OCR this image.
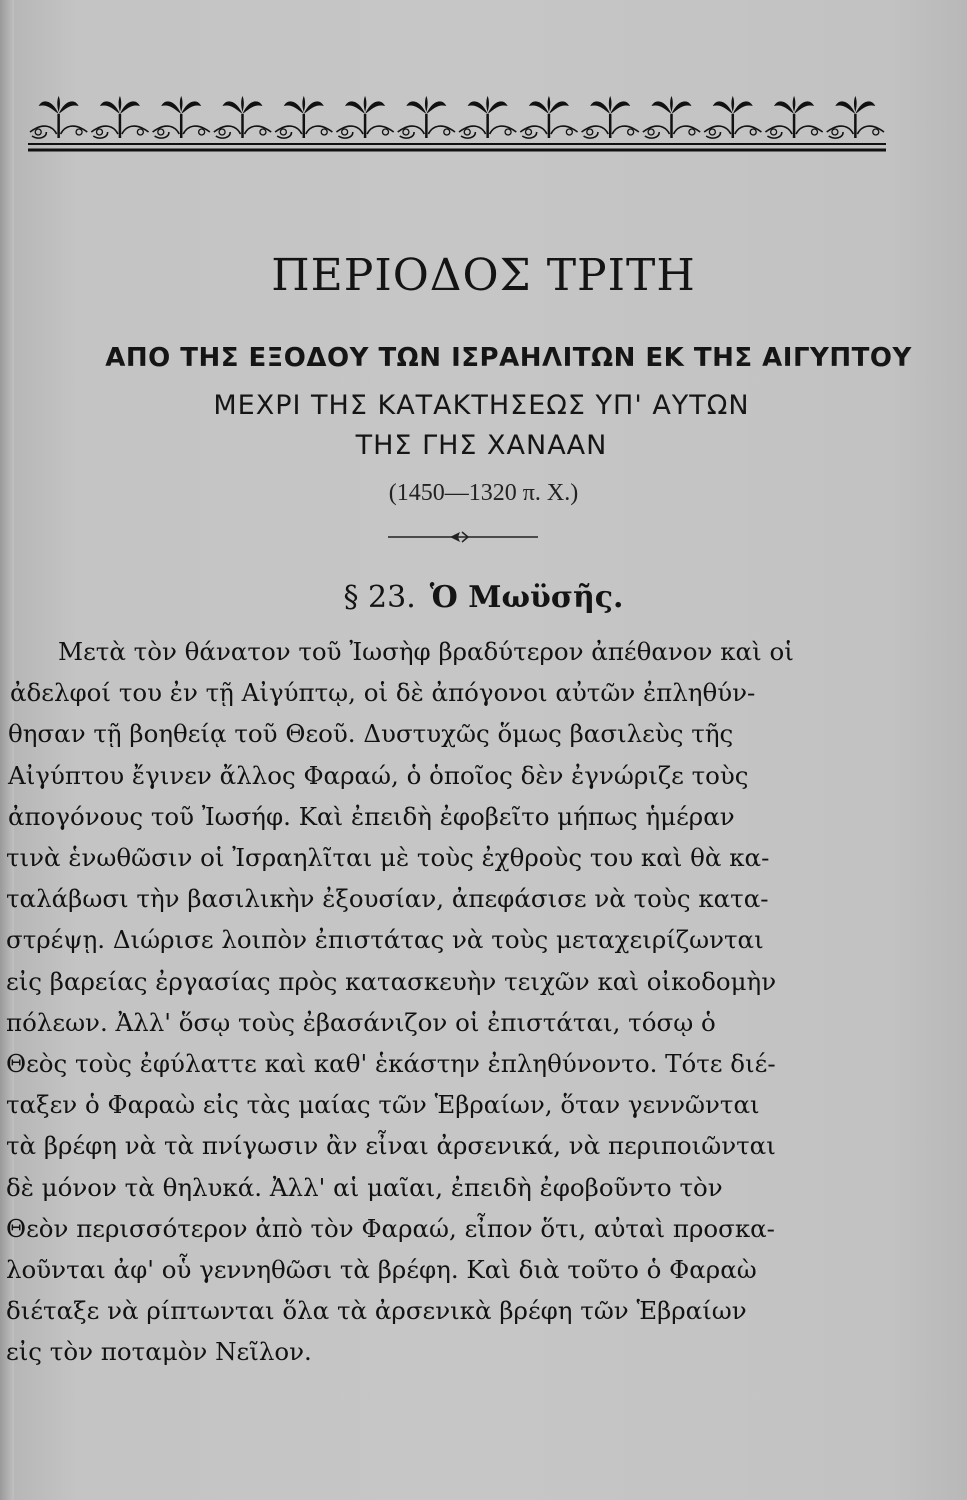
ΠΕΡΙΟΔΟΣ ΤΡΙΤΗ
ΑΠΟ ΤΗΣ ΕΞΟΔΟΥ ΤΩΝ ΙΣΡΑΗΛΙΤΩΝ ΕΚ ΤΗΣ ΑΙΓΥΠΤΟΥ
ΜΕΧΡΙ ΤΗΣ ΚΑΤΑΚΤΗΣΕΩΣ ΥΠ' ΑΥΤΩΝ
ΤΗΣ ΓΗΣ ΧΑΝΑΑΝ
(1450—1320 π. Χ.)
§ 23. Ὁ Μωϋσῆς.
Μετὰ τὸν θάνατον τοῦ Ἰωσὴφ βραδύτερον ἀπέθανον καὶ οἱ
ἀδελφοί του ἐν τῇ Αἰγύπτῳ, οἱ δὲ ἀπόγονοι αὐτῶν ἐπληθύν-
θησαν τῇ βοηθείᾳ τοῦ Θεοῦ. Δυστυχῶς ὅμως βασιλεὺς τῆς
Αἰγύπτου ἔγινεν ἄλλος Φαραώ, ὁ ὁποῖος δὲν ἐγνώριζε τοὺς
ἀπογόνους τοῦ Ἰωσήφ. Καὶ ἐπειδὴ ἐφοβεῖτο μήπως ἡμέραν
τινὰ ἑνωθῶσιν οἱ Ἰσραηλῖται μὲ τοὺς ἐχθροὺς του καὶ θὰ κα-
ταλάβωσι τὴν βασιλικὴν ἐξουσίαν, ἀπεφάσισε νὰ τοὺς κατα-
στρέψῃ. Διώρισε λοιπὸν ἐπιστάτας νὰ τοὺς μεταχειρίζωνται
εἰς βαρείας ἐργασίας πρὸς κατασκευὴν τειχῶν καὶ οἰκοδομὴν
πόλεων. Ἀλλ' ὅσῳ τοὺς ἐβασάνιζον οἱ ἐπιστάται, τόσῳ ὁ
Θεὸς τοὺς ἐφύλαττε καὶ καθ' ἑκάστην ἐπληθύνοντο. Τότε διέ-
ταξεν ὁ Φαραὼ εἰς τὰς μαίας τῶν Ἑβραίων, ὅταν γεννῶνται
τὰ βρέφη νὰ τὰ πνίγωσιν ἂν εἶναι ἀρσενικά, νὰ περιποιῶνται
δὲ μόνον τὰ θηλυκά. Ἀλλ' αἱ μαῖαι, ἐπειδὴ ἐφοβοῦντο τὸν
Θεὸν περισσότερον ἀπὸ τὸν Φαραώ, εἶπον ὅτι, αὐταὶ προσκα-
λοῦνται ἀφ' οὗ γεννηθῶσι τὰ βρέφη. Καὶ διὰ τοῦτο ὁ Φαραὼ
διέταξε νὰ ρίπτωνται ὅλα τὰ ἀρσενικὰ βρέφη τῶν Ἑβραίων
εἰς τὸν ποταμὸν Νεῖλον.
